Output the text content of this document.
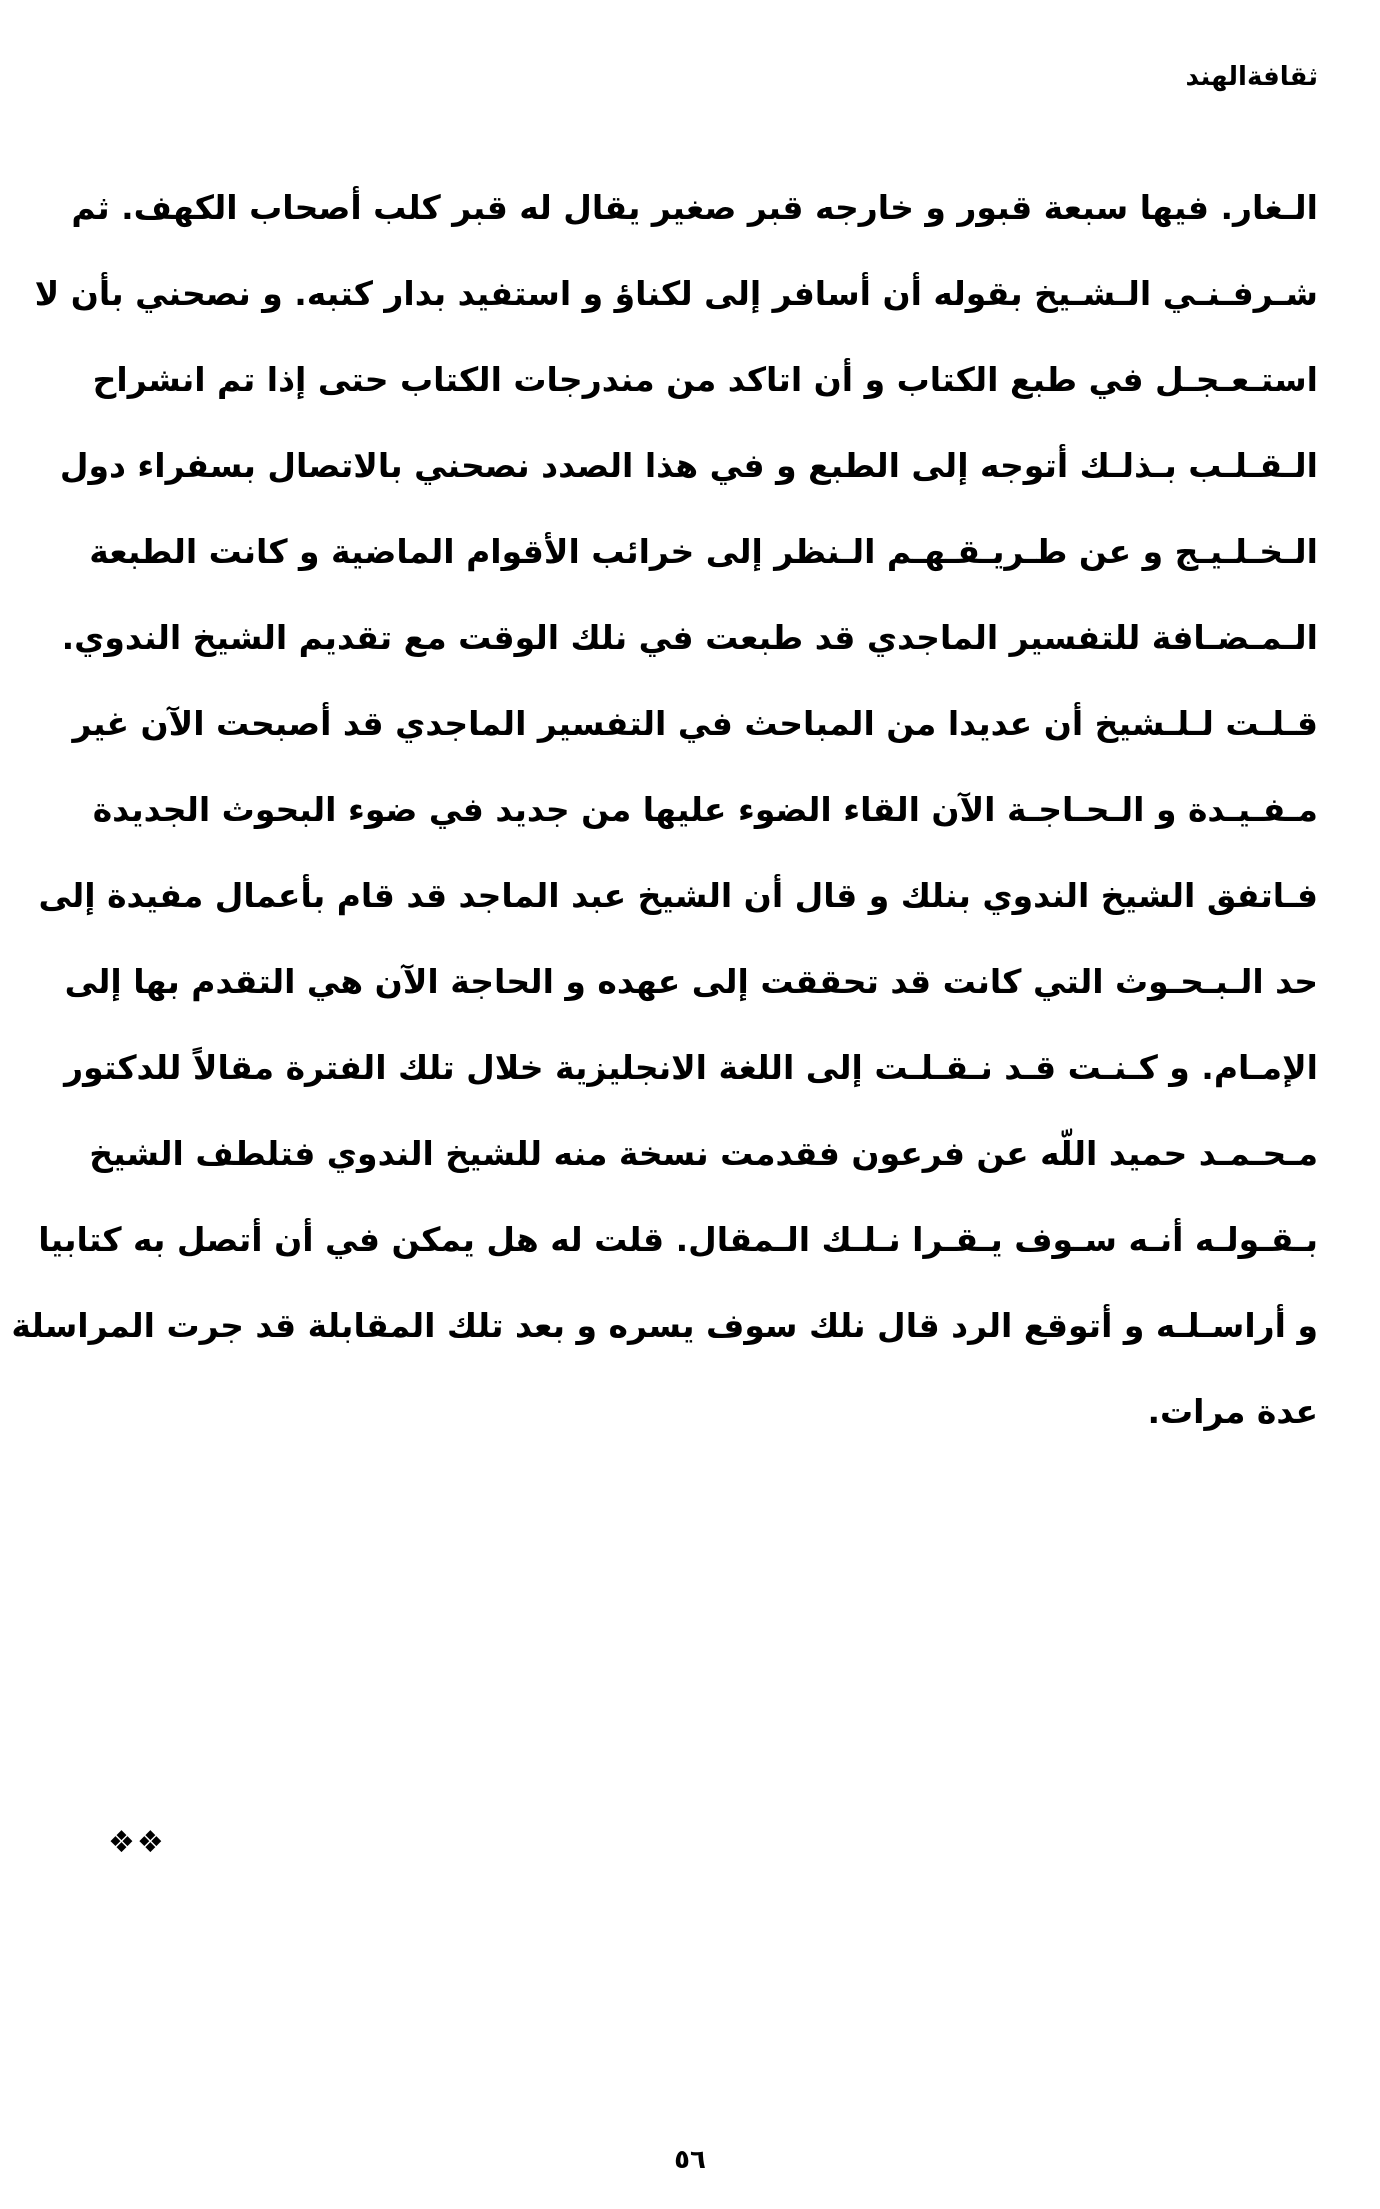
ثقافةالهند
الـغار. فيها سبعة قبور و خارجه قبر صغير يقال له قبر كلب أصحاب الكهف. ثم
شـرفـنـي الـشـيخ بقوله أن أسافر إلى لكناؤ و استفيد بدار كتبه. و نصحني بأن لا
استـعـجـل في طبع الكتاب و أن اتاكد من مندرجات الكتاب حتى إذا تم انشراح
الـقـلـب بـذلـك أتوجه إلى الطبع و في هذا الصدد نصحني بالاتصال بسفراء دول
الـخـلـيـج و عن طـريـقـهـم الـنظر إلى خرائب الأقوام الماضية و كانت الطبعة
الـمـضـافة للتفسير الماجدي قد طبعت في نلك الوقت مع تقديم الشيخ الندوي.
قـلـت لـلـشيخ أن عديدا من المباحث في التفسير الماجدي قد أصبحت الآن غير
مـفـيـدة و الـحـاجـة الآن القاء الضوء عليها من جديد في ضوء البحوث الجديدة
فـاتفق الشيخ الندوي بنلك و قال أن الشيخ عبد الماجد قد قام بأعمال مفيدة إلى
حد الـبـحـوث التي كانت قد تحققت إلى عهده و الحاجة الآن هي التقدم بها إلى
الإمـام. و كـنـت قـد نـقـلـت إلى اللغة الانجليزية خلال تلك الفترة مقالاً للدكتور
مـحـمـد حميد اللّه عن فرعون فقدمت نسخة منه للشيخ الندوي فتلطف الشيخ
بـقـولـه أنـه سـوف يـقـرا نـلـك الـمقال. قلت له هل يمكن في أن أتصل به كتابيا
و أراسـلـه و أتوقع الرد قال نلك سوف يسره و بعد تلك المقابلة قد جرت المراسلة
عدة مرات.
❖❖
٥٦
